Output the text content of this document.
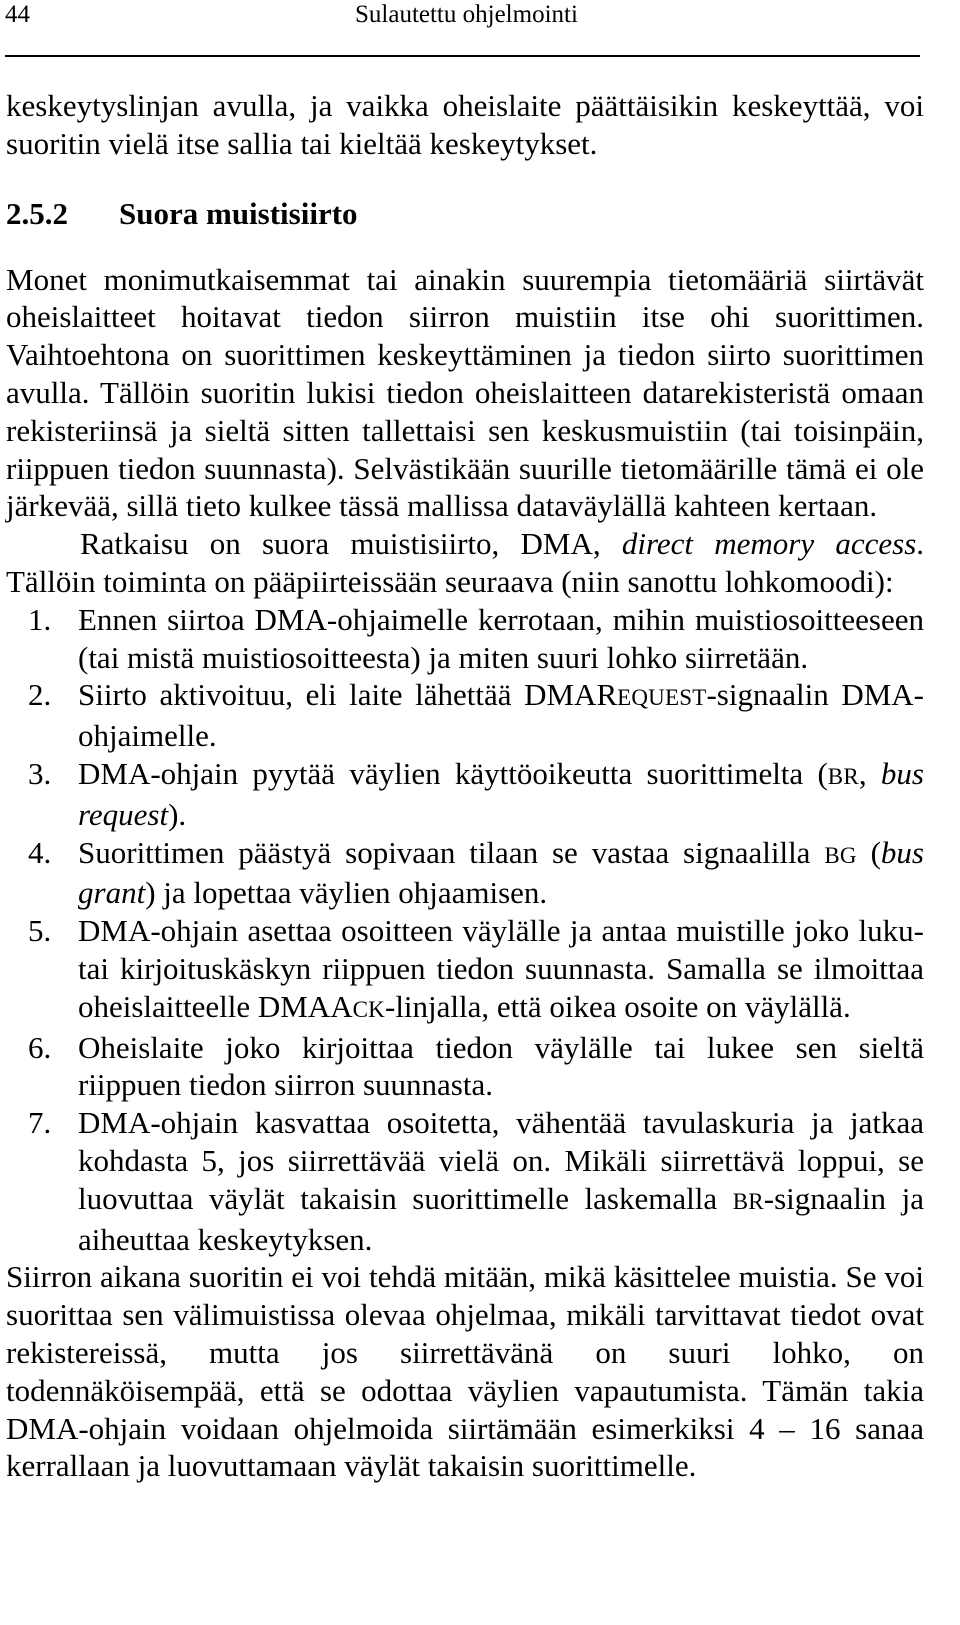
44	Sulautettu ohjelmointi

keskeytyslinjan avulla, ja vaikka oheislaite päättäisikin keskeyttää, voi suoritin vielä itse sallia tai kieltää keskeytykset.

2.5.2 Suora muistisiirto

Monet monimutkaisemmat tai ainakin suurempia tietomääriä siirtävät oheislaitteet hoitavat tiedon siirron muistiin itse ohi suorittimen. Vaihtoehtona on suorittimen keskeyttäminen ja tiedon siirto suorittimen avulla. Tällöin suoritin lukisi tiedon oheislaitteen datarekisteristä omaan rekisteriinsä ja sieltä sitten tallettaisi sen keskusmuistiin (tai toisinpäin, riippuen tiedon suunnasta). Selvästikään suurille tietomäärille tämä ei ole järkevää, sillä tieto kulkee tässä mallissa dataväylällä kahteen kertaan.

Ratkaisu on suora muistisiirto, DMA, direct memory access. Tällöin toiminta on pääpiirteissään seuraava (niin sanottu lohkomoodi):

1. Ennen siirtoa DMA-ohjaimelle kerrotaan, mihin muistiosoitteeseen (tai mistä muistiosoitteesta) ja miten suuri lohko siirretään.
2. Siirto aktivoituu, eli laite lähettää DMAREQUEST-signaalin DMA-ohjaimelle.
3. DMA-ohjain pyytää väylien käyttöoikeutta suorittimelta (BR, bus request).
4. Suorittimen päästyä sopivaan tilaan se vastaa signaalilla BG (bus grant) ja lopettaa väylien ohjaamisen.
5. DMA-ohjain asettaa osoitteen väylälle ja antaa muistille joko luku- tai kirjoituskäskyn riippuen tiedon suunnasta. Samalla se ilmoittaa oheislaitteelle DMAACK-linjalla, että oikea osoite on väylällä.
6. Oheislaite joko kirjoittaa tiedon väylälle tai lukee sen sieltä riippuen tiedon siirron suunnasta.
7. DMA-ohjain kasvattaa osoitetta, vähentää tavulaskuria ja jatkaa kohdasta 5, jos siirrettävää vielä on. Mikäli siirrettävä loppui, se luovuttaa väylät takaisin suorittimelle laskemalla BR-signaalin ja aiheuttaa keskeytyksen.

Siirron aikana suoritin ei voi tehdä mitään, mikä käsittelee muistia. Se voi suorittaa sen välimuistissa olevaa ohjelmaa, mikäli tarvittavat tiedot ovat rekistereissä, mutta jos siirrettävänä on suuri lohko, on todennäköisempää, että se odottaa väylien vapautumista. Tämän takia DMA-ohjain voidaan ohjelmoida siirtämään esimerkiksi 4 – 16 sanaa kerrallaan ja luovuttamaan väylät takaisin suorittimelle.
